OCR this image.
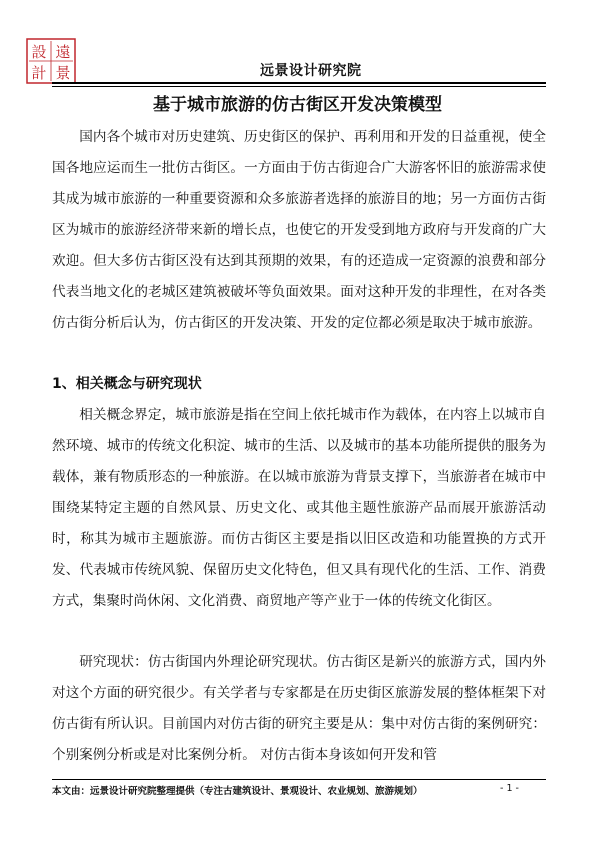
設 遠
計 景	远景设计研究院
基于城市旅游的仿古街区开发决策模型

国内各个城市对历史建筑、历史街区的保护、再利用和开发的日益重视，使全国各地应运而生一批仿古街区。一方面由于仿古街迎合广大游客怀旧的旅游需求使其成为城市旅游的一种重要资源和众多旅游者选择的旅游目的地；另一方面仿古街区为城市的旅游经济带来新的增长点，也使它的开发受到地方政府与开发商的广大欢迎。但大多仿古街区没有达到其预期的效果，有的还造成一定资源的浪费和部分代表当地文化的老城区建筑被破坏等负面效果。面对这种开发的非理性，在对各类仿古街分析后认为，仿古街区的开发决策、开发的定位都必须是取决于城市旅游。

1、相关概念与研究现状

相关概念界定，城市旅游是指在空间上依托城市作为载体，在内容上以城市自然环境、城市的传统文化积淀、城市的生活、以及城市的基本功能所提供的服务为载体，兼有物质形态的一种旅游。在以城市旅游为背景支撑下，当旅游者在城市中围绕某特定主题的自然风景、历史文化、或其他主题性旅游产品而展开旅游活动时，称其为城市主题旅游。而仿古街区主要是指以旧区改造和功能置换的方式开发、代表城市传统风貌、保留历史文化特色，但又具有现代化的生活、工作、消费方式，集聚时尚休闲、文化消费、商贸地产等产业于一体的传统文化街区。

研究现状：仿古街国内外理论研究现状。仿古街区是新兴的旅游方式，国内外对这个方面的研究很少。有关学者与专家都是在历史街区旅游发展的整体框架下对仿古街有所认识。目前国内对仿古街的研究主要是从：集中对仿古街的案例研究：个别案例分析或是对比案例分析。 对仿古街本身该如何开发和管

本文由：远景设计研究院整理提供（专注古建筑设计、景观设计、农业规划、旅游规划）	- 1 -
